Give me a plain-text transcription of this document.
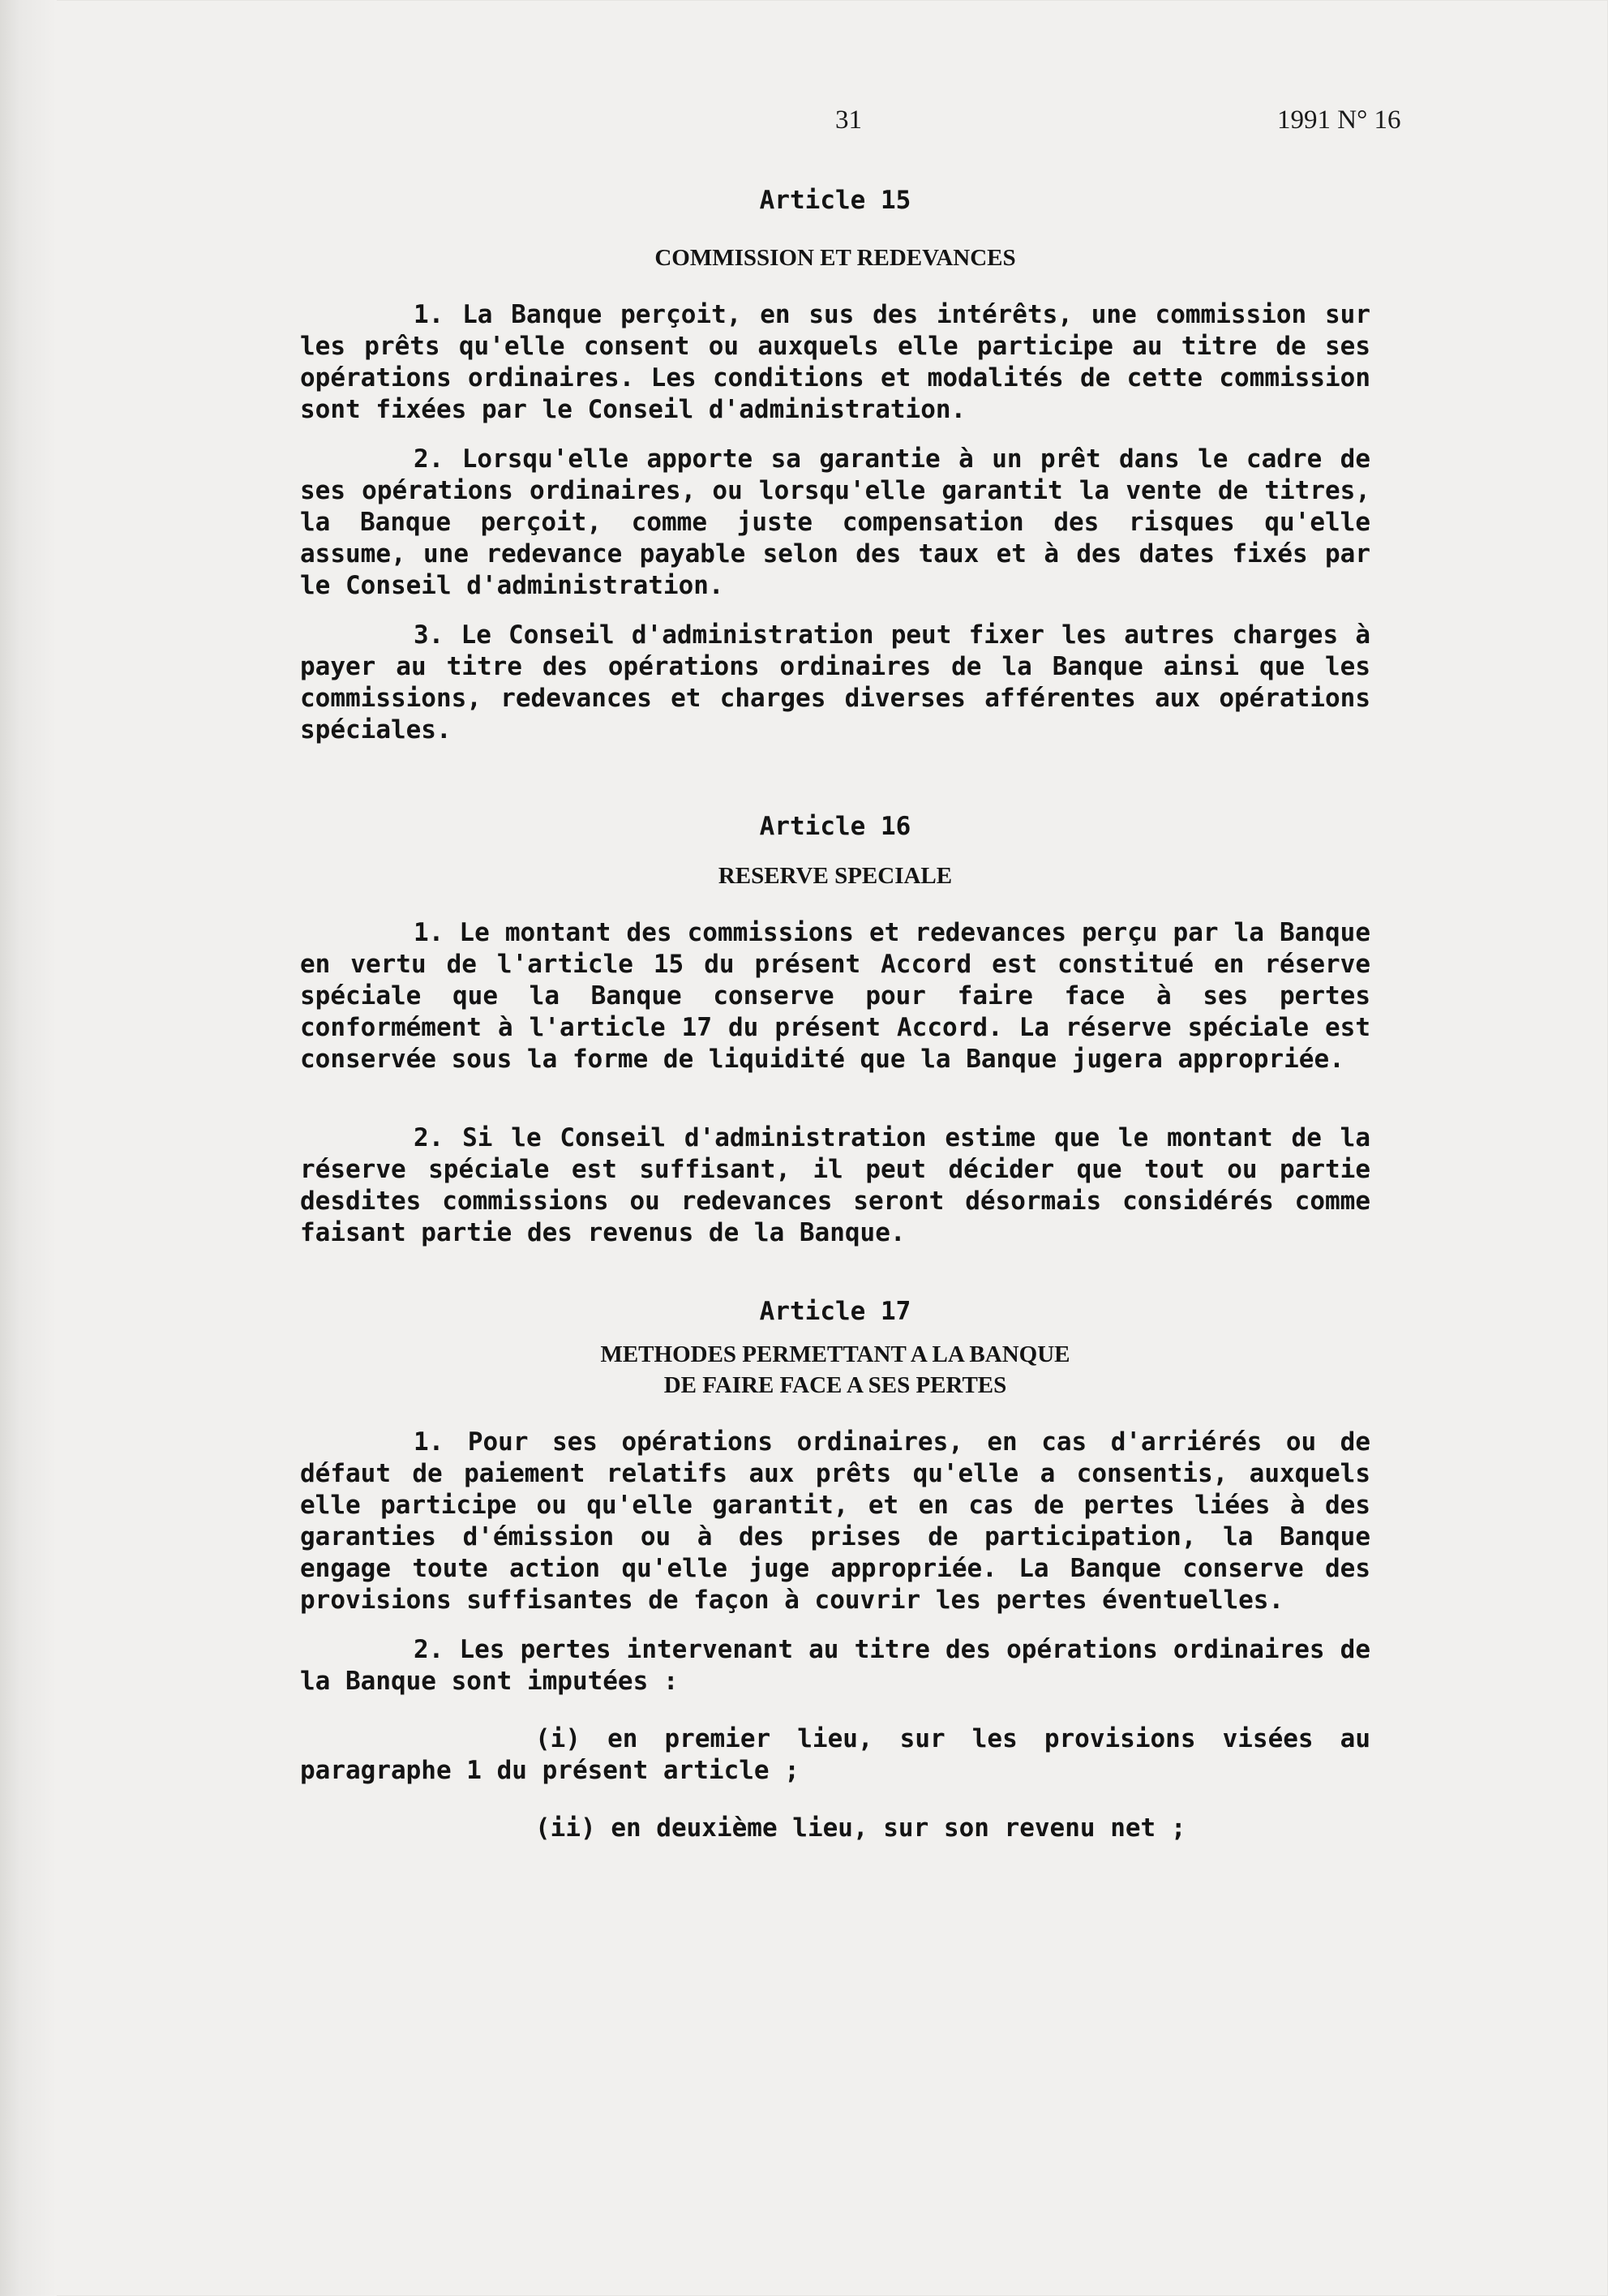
31	1991 N° 16

Article 15

COMMISSION ET REDEVANCES

1. La Banque perçoit, en sus des intérêts, une commission sur les prêts qu'elle consent ou auxquels elle participe au titre de ses opérations ordinaires. Les conditions et modalités de cette commission sont fixées par le Conseil d'administration.

2. Lorsqu'elle apporte sa garantie à un prêt dans le cadre de ses opérations ordinaires, ou lorsqu'elle garantit la vente de titres, la Banque perçoit, comme juste compensation des risques qu'elle assume, une redevance payable selon des taux et à des dates fixés par le Conseil d'administration.

3. Le Conseil d'administration peut fixer les autres charges à payer au titre des opérations ordinaires de la Banque ainsi que les commissions, redevances et charges diverses afférentes aux opérations spéciales.

Article 16

RESERVE SPECIALE

1. Le montant des commissions et redevances perçu par la Banque en vertu de l'article 15 du présent Accord est constitué en réserve spéciale que la Banque conserve pour faire face à ses pertes conformément à l'article 17 du présent Accord. La réserve spéciale est conservée sous la forme de liquidité que la Banque jugera appropriée.

2. Si le Conseil d'administration estime que le montant de la réserve spéciale est suffisant, il peut décider que tout ou partie desdites commissions ou redevances seront désormais considérés comme faisant partie des revenus de la Banque.

Article 17

METHODES PERMETTANT A LA BANQUE

DE FAIRE FACE A SES PERTES

1. Pour ses opérations ordinaires, en cas d'arriérés ou de défaut de paiement relatifs aux prêts qu'elle a consentis, auxquels elle participe ou qu'elle garantit, et en cas de pertes liées à des garanties d'émission ou à des prises de participation, la Banque engage toute action qu'elle juge appropriée. La Banque conserve des provisions suffisantes de façon à couvrir les pertes éventuelles.

2. Les pertes intervenant au titre des opérations ordinaires de la Banque sont imputées :

(i) en premier lieu, sur les provisions visées au paragraphe 1 du présent article ;

(ii) en deuxième lieu, sur son revenu net ;
